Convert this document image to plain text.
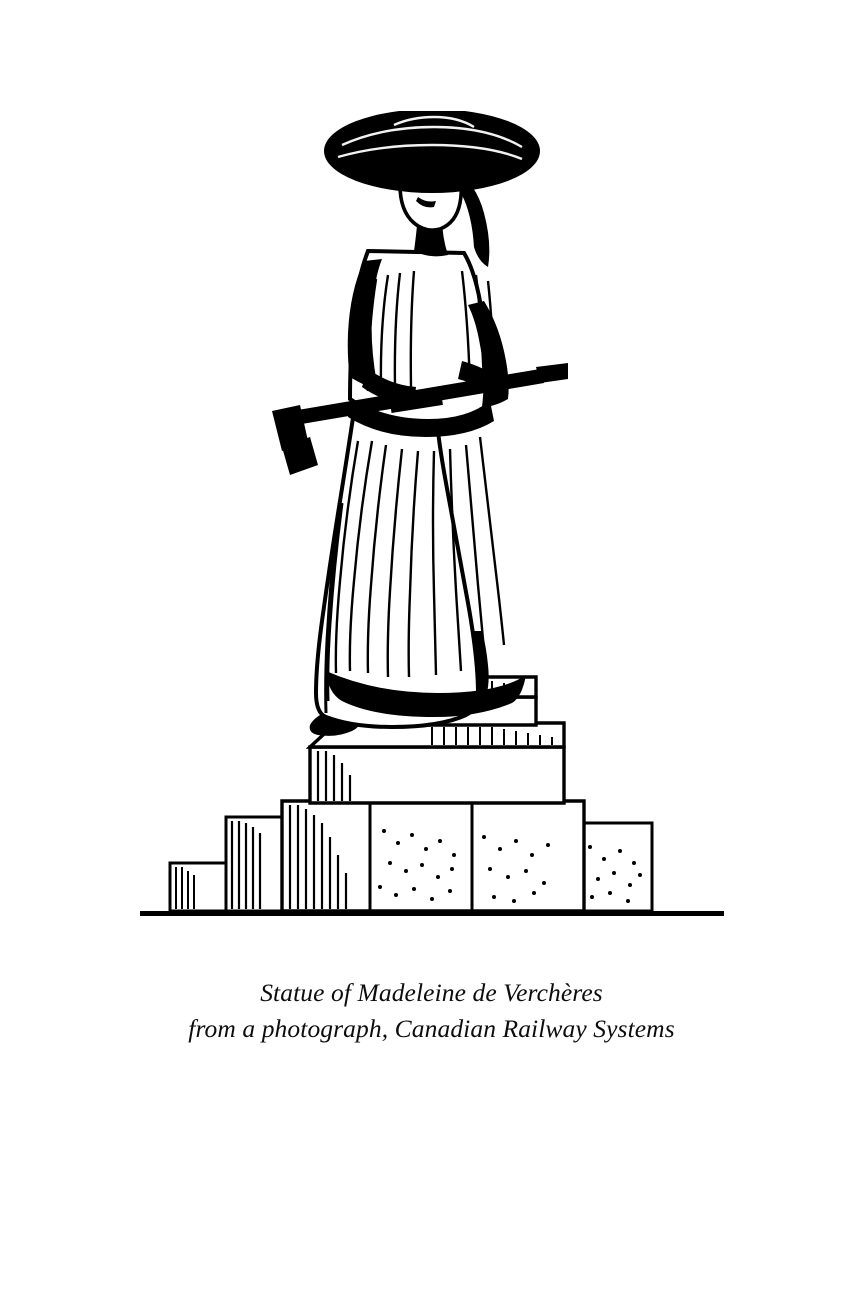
Statue of Madeleine de Verchères
from a photograph, Canadian Railway Systems
